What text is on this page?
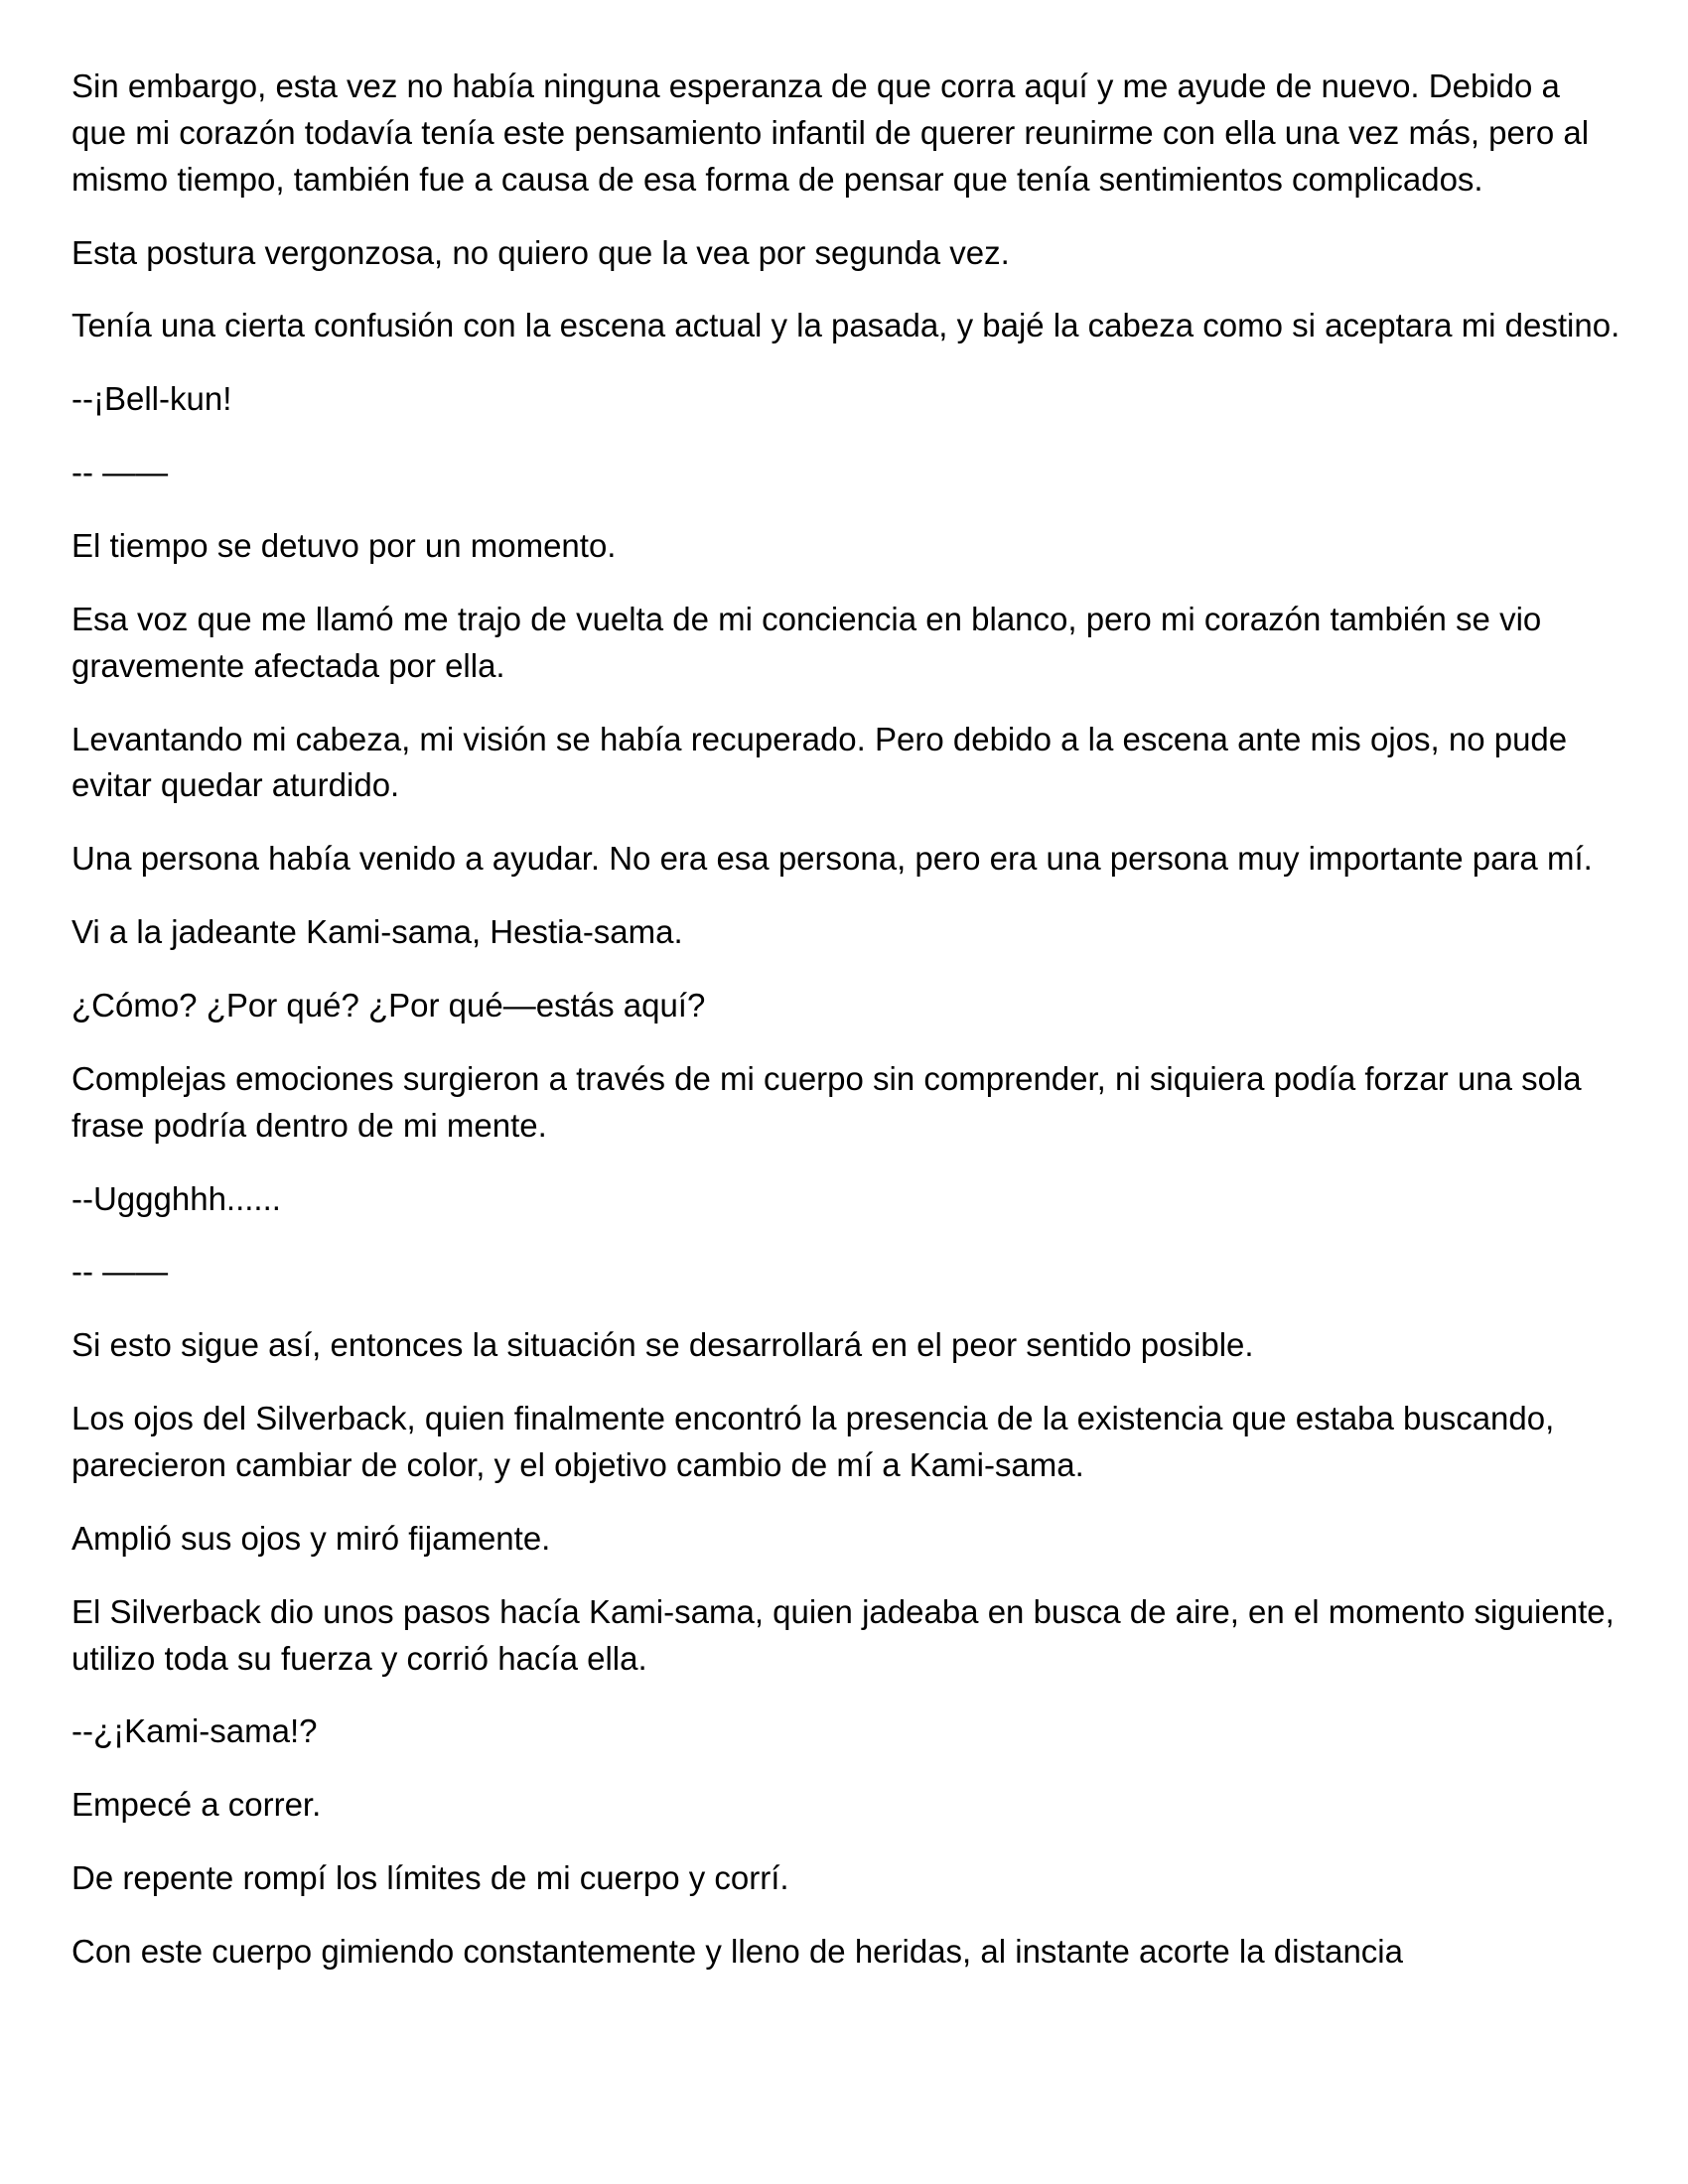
Sin embargo, esta vez no había ninguna esperanza de que corra aquí y me ayude de nuevo. Debido a que mi corazón todavía tenía este pensamiento infantil de querer reunirme con ella una vez más, pero al mismo tiempo, también fue a causa de esa forma de pensar que tenía sentimientos complicados.

Esta postura vergonzosa, no quiero que la vea por segunda vez.

Tenía una cierta confusión con la escena actual y la pasada, y bajé la cabeza como si aceptara mi destino.

--¡Bell-kun!

-- ——

El tiempo se detuvo por un momento.

Esa voz que me llamó me trajo de vuelta de mi conciencia en blanco, pero mi corazón también se vio gravemente afectada por ella.

Levantando mi cabeza, mi visión se había recuperado. Pero debido a la escena ante mis ojos, no pude evitar quedar aturdido.

Una persona había venido a ayudar. No era esa persona, pero era una persona muy importante para mí.

Vi a la jadeante Kami-sama, Hestia-sama.

¿Cómo? ¿Por qué? ¿Por qué—estás aquí?

Complejas emociones surgieron a través de mi cuerpo sin comprender, ni siquiera podía forzar una sola frase podría dentro de mi mente.

--Uggghhh......

-- ——

Si esto sigue así, entonces la situación se desarrollará en el peor sentido posible.

Los ojos del Silverback, quien finalmente encontró la presencia de la existencia que estaba buscando, parecieron cambiar de color, y el objetivo cambio de mí a Kami-sama.

Amplió sus ojos y miró fijamente.

El Silverback dio unos pasos hacía Kami-sama, quien jadeaba en busca de aire, en el momento siguiente, utilizo toda su fuerza y corrió hacía ella.

--¿¡Kami-sama!?

Empecé a correr.

De repente rompí los límites de mi cuerpo y corrí.

Con este cuerpo gimiendo constantemente y lleno de heridas, al instante acorte la distancia
